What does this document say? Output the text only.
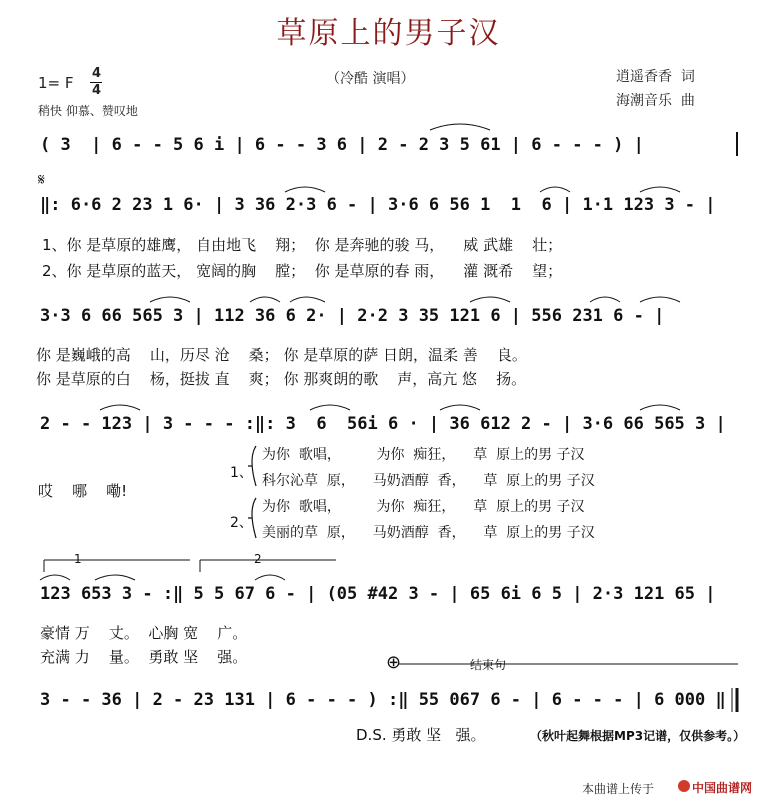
草原上的男子汉
（冷酷 演唱）	逍遥香香  词
海潮音乐  曲
1= F
4
4
稍快 仰慕、赞叹地
( 3  | 6 - - 5 6 i | 6 - - 3 6 | 2 - 2 3 5 61 | 6 - - - ) |
𝄋
‖: 6·6 2 23 1 6· | 3 36 2·3 6 - | 3·6 6 56 1  1  6 | 1·1 123 3 - |
1、你 是草原的雄鹰， 自由地飞    翔；  你 是奔驰的骏 马，    威 武雄    壮；
2、你 是草原的蓝天， 宽阔的胸    膛；  你 是草原的春 雨，    灌 溉希    望；
3·3 6 66 565 3 | 112 36 6 2· | 2·2 3 35 121 6 | 556 231 6 - |
你 是巍峨的高    山，历尽 沧    桑； 你 是草原的萨 日朗，温柔 善    良。
你 是草原的白    杨，挺拔 直    爽； 你 那爽朗的歌    声，高亢 悠    扬。
2 - - 123 | 3 - - - :‖: 3  6  56i 6 · | 36 612 2 - | 3·6 66 565 3 |
哎    哪    嘞!
1、
2、
为你  歌唱，        为你  痴狂，    草  原上的男 子汉
科尔沁草  原，    马奶酒醇  香，    草  原上的男 子汉
为你  歌唱，        为你  痴狂，    草  原上的男 子汉
美丽的草  原，    马奶酒醇  香，    草  原上的男 子汉
1	2
123 653 3 - :‖ 5 5 67 6 - | (05 #42 3 - | 65 6i 6 5 | 2·3 121 65 |
豪情 万    丈。  心胸 宽    广。
充满 力    量。  勇敢 坚    强。	⊕	结束句
3 - - 36 | 2 - 23 131 | 6 - - - ) :‖ 55 067 6 - | 6 - - - | 6 000 ‖
D.S. 勇敢 坚   强。	（秋叶起舞根据MP3记谱，仅供参考。）
本曲谱上传于	中国曲谱网
